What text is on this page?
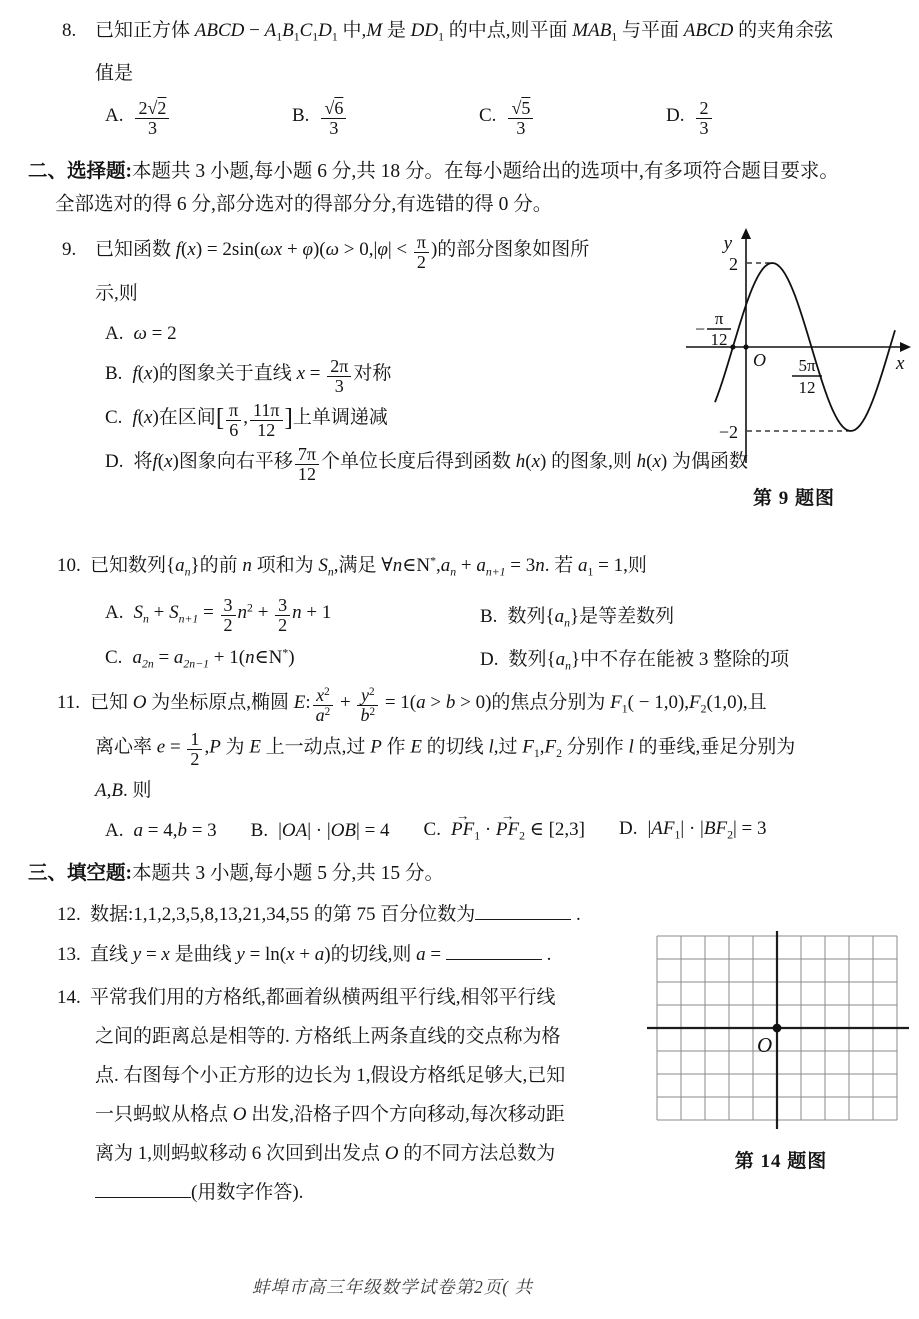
8. 已知正方体 ABCD − $A_1B_1C_1D_1$ 中,M 是 $DD_1$ 的中点,则平面 $MAB_1$ 与平面 ABCD 的夹角余弦
值是
A. $\frac{2√2}{3}$	B. $\frac{√6}{3}$	C. $\frac{√5}{3}$	D. $\frac{2}{3}$
二、选择题:本题共 3 小题,每小题 6 分,共 18 分。在每小题给出的选项中,有多项符合题目要求。
全部选对的得 6 分,部分选对的得部分分,有选错的得 0 分。
y
x
O
2
−2
−
π
12
5π
12
第 9 题图
9. 已知函数 $f(x) = 2\sin(\omega x + \varphi)(\omega > 0,|\varphi| < \frac{\pi}{2}$ )的部分图象如图所
示,则
A. ω = 2
B. f(x)的图象关于直线 $x = \frac{2\pi}{3}$ 对称
C. f(x)在区间[ $\frac{\pi}{6}$ , $\frac{11\pi}{12}$ ]上单调递减
D. 将f(x)图象向右平移 $\frac{7\pi}{12}$ 个单位长度后得到函数 h(x) 的图象,则 h(x) 为偶函数
10. 已知数列$\{a_n\}$的前 n 项和为 $S_n$,满足 $\forall n\in N^*,a_n + a_{n+1} = 3n$. 若 $a_1 = 1$,则
A. $S_n + S_{n+1} = \frac{3}{2} n^2 + \frac{3}{2}$ n + 1	B. 数列$\{a_n\}$是等差数列
C. $a_{2n} = a_{2n-1}$ + 1(n∈N*)	D. 数列$\{a_n\}$中不存在能被 3 整除的项
11. 已知 O 为坐标原点,椭圆 E: $\frac{x^2}{a^2} + \frac{y^2}{b^2} = 1(a > b > 0)$的焦点分别为 $F_1( - 1,0),F_2(1,0)$,且
离心率 $e = \frac{1}{2} ,P$ 为 E 上一动点,过 P 作 E 的切线 l,过 $F_1,F_2$ 分别作 l 的垂线,垂足分别为
A,B. 则
A. a = 4,b = 3 B. |OA| · |OB| = 4 C. PF $\to_1$ · PF $\to_2$ ∈ [2,3] D. $|AF_1| \cdot |BF_2| = 3$
三、填空题:本题共 3 小题,每小题 5 分,共 15 分。
12. 数据:1,1,2,3,5,8,13,21,34,55 的第 75 百分位数为	.
O
第 14 题图
13. 直线 y = x 是曲线 y = ln(x + a)的切线,则 a =	.
14. 平常我们用的方格纸,都画着纵横两组平行线,相邻平行线
之间的距离总是相等的. 方格纸上两条直线的交点称为格
点. 右图每个小正方形的边长为 1,假设方格纸足够大,已知
一只蚂蚁从格点 O 出发,沿格子四个方向移动,每次移动距
离为 1,则蚂蚁移动 6 次回到出发点 O 的不同方法总数为
(用数字作答).
蚌埠市高三年级数学试卷第2页( 共
